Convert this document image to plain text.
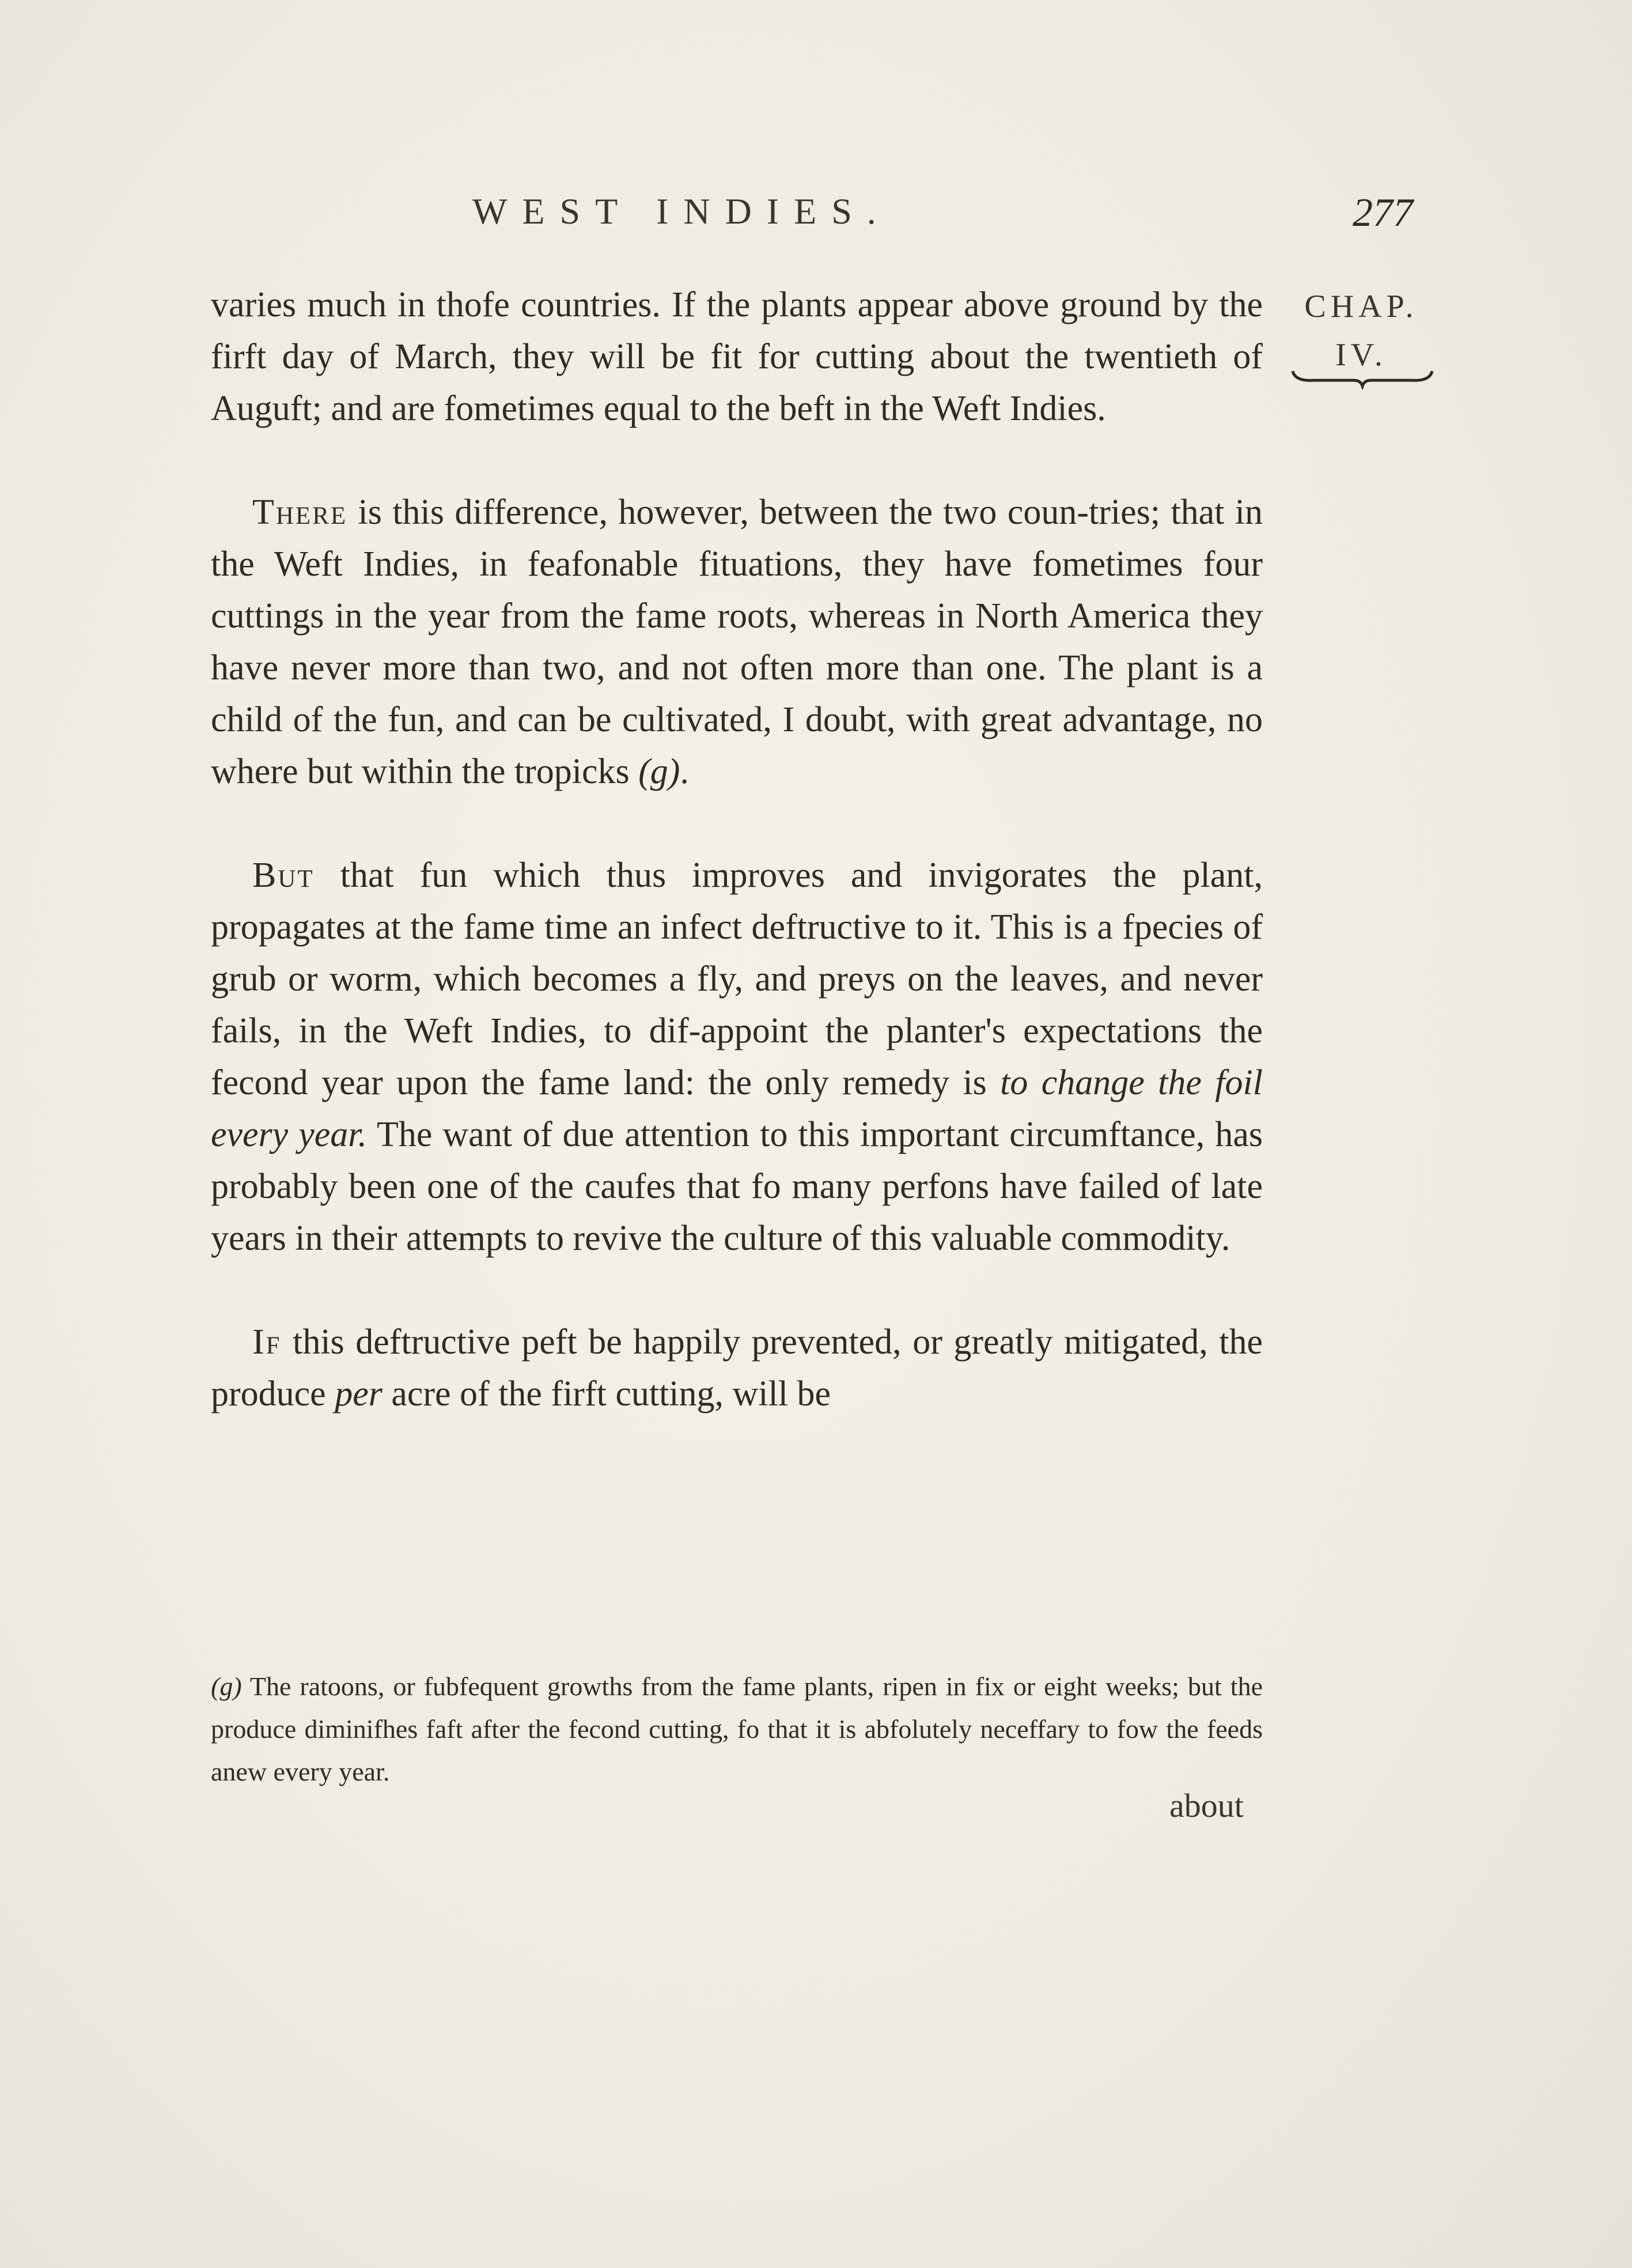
WEST INDIES.	277
CHAP.
IV.

varies much in thofe countries. If the plants appear above ground by the firft day of March, they will be fit for cutting about the twentieth of Auguft; and are fometimes equal to the beft in the Weft Indies.

There is this difference, however, between the two coun-tries; that in the Weft Indies, in feafonable fituations, they have fometimes four cuttings in the year from the fame roots, whereas in North America they have never more than two, and not often more than one. The plant is a child of the fun, and can be cultivated, I doubt, with great advantage, no where but within the tropicks (g).

But that fun which thus improves and invigorates the plant, propagates at the fame time an infect deftructive to it. This is a fpecies of grub or worm, which becomes a fly, and preys on the leaves, and never fails, in the Weft Indies, to dif-appoint the planter's expectations the fecond year upon the fame land: the only remedy is to change the foil every year. The want of due attention to this important circumftance, has probably been one of the caufes that fo many perfons have failed of late years in their attempts to revive the culture of this valuable commodity.

If this deftructive peft be happily prevented, or greatly mitigated, the produce per acre of the firft cutting, will be

(g) The ratoons, or fubfequent growths from the fame plants, ripen in fix or eight weeks; but the produce diminifhes faft after the fecond cutting, fo that it is abfolutely neceffary to fow the feeds anew every year.
about
